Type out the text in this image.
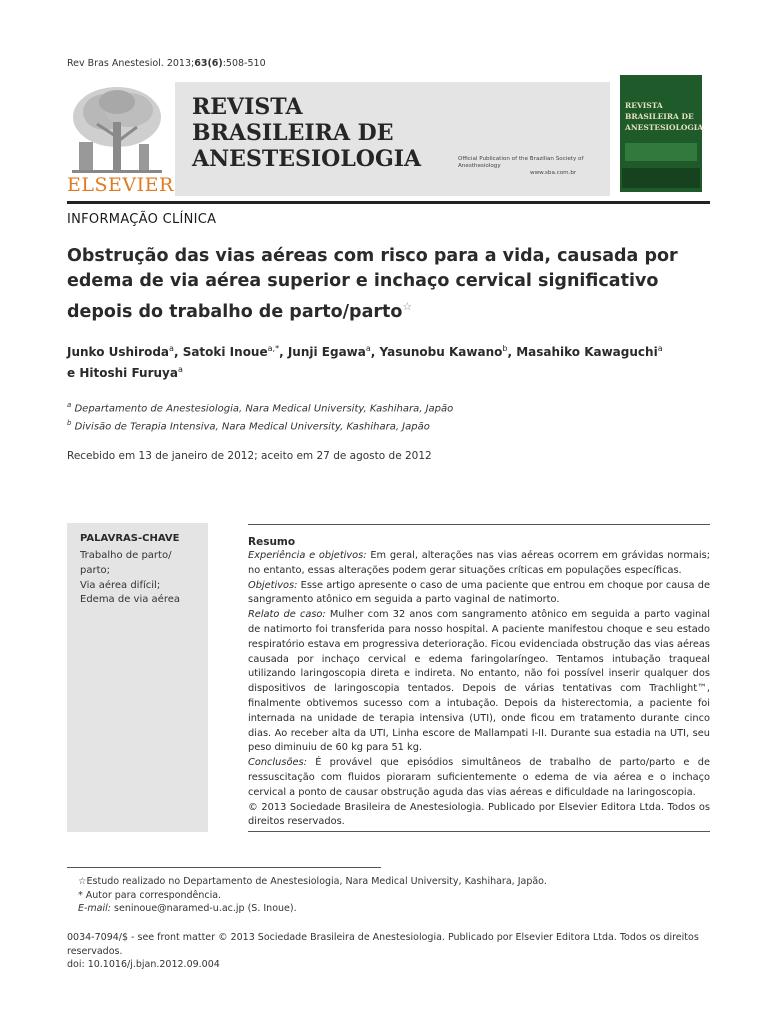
Rev Bras Anestesiol. 2013;63(6):508-510
ELSEVIER
REVISTA
BRASILEIRA DE
ANESTESIOLOGIA	Official Publication of the Brazilian Society of Anesthesiology
www.sba.com.br
REVISTA
BRASILEIRA DE
ANESTESIOLOGIA
INFORMAÇÃO CLÍNICA
Obstrução das vias aéreas com risco para a vida, causada por edema de via aérea superior e inchaço cervical significativo depois do trabalho de parto/parto☆
Junko Ushiroda$^a$, Satoki Inoue$^{a,*}$, Junji Egawa$^a$, Yasunobu Kawano$^b$, Masahiko Kawaguchi$^a$
e Hitoshi Furuya$^a$
$^a$ Departamento de Anestesiologia, Nara Medical University, Kashihara, Japão
$^b$ Divisão de Terapia Intensiva, Nara Medical University, Kashihara, Japão
Recebido em 13 de janeiro de 2012; aceito em 27 de agosto de 2012
PALAVRAS-CHAVE
Trabalho de parto/ parto;
Via aérea difícil;
Edema de via aérea
Resumo

Experiência e objetivos: Em geral, alterações nas vias aéreas ocorrem em grávidas normais; no entanto, essas alterações podem gerar situações críticas em populações específicas.

Objetivos: Esse artigo apresente o caso de uma paciente que entrou em choque por causa de sangramento atônico em seguida a parto vaginal de natimorto.

Relato de caso: Mulher com 32 anos com sangramento atônico em seguida a parto vaginal de natimorto foi transferida para nosso hospital. A paciente manifestou choque e seu estado respiratório estava em progressiva deterioração. Ficou evidenciada obstrução das vias aéreas causada por inchaço cervical e edema faringolaríngeo. Tentamos intubação traqueal utilizando laringoscopia direta e indireta. No entanto, não foi possível inserir qualquer dos dispositivos de laringoscopia tentados. Depois de várias tentativas com Trachlight™, finalmente obtivemos sucesso com a intubação. Depois da histerectomia, a paciente foi internada na unidade de terapia intensiva (UTI), onde ficou em tratamento durante cinco dias. Ao receber alta da UTI, Linha escore de Mallampati I-II. Durante sua estadia na UTI, seu peso diminuiu de 60 kg para 51 kg.

Conclusões: É provável que episódios simultâneos de trabalho de parto/parto e de ressuscitação com fluidos pioraram suficientemente o edema de via aérea e o inchaço cervical a ponto de causar obstrução aguda das vias aéreas e dificuldade na laringoscopia.

© 2013 Sociedade Brasileira de Anestesiologia. Publicado por Elsevier Editora Ltda. Todos os direitos reservados.

☆Estudo realizado no Departamento de Anestesiologia, Nara Medical University, Kashihara, Japão.

* Autor para correspondência.

E-mail: seninoue@naramed-u.ac.jp (S. Inoue).

0034-7094/$ - see front matter © 2013 Sociedade Brasileira de Anestesiologia. Publicado por Elsevier Editora Ltda. Todos os direitos reservados.

doi: 10.1016/j.bjan.2012.09.004
